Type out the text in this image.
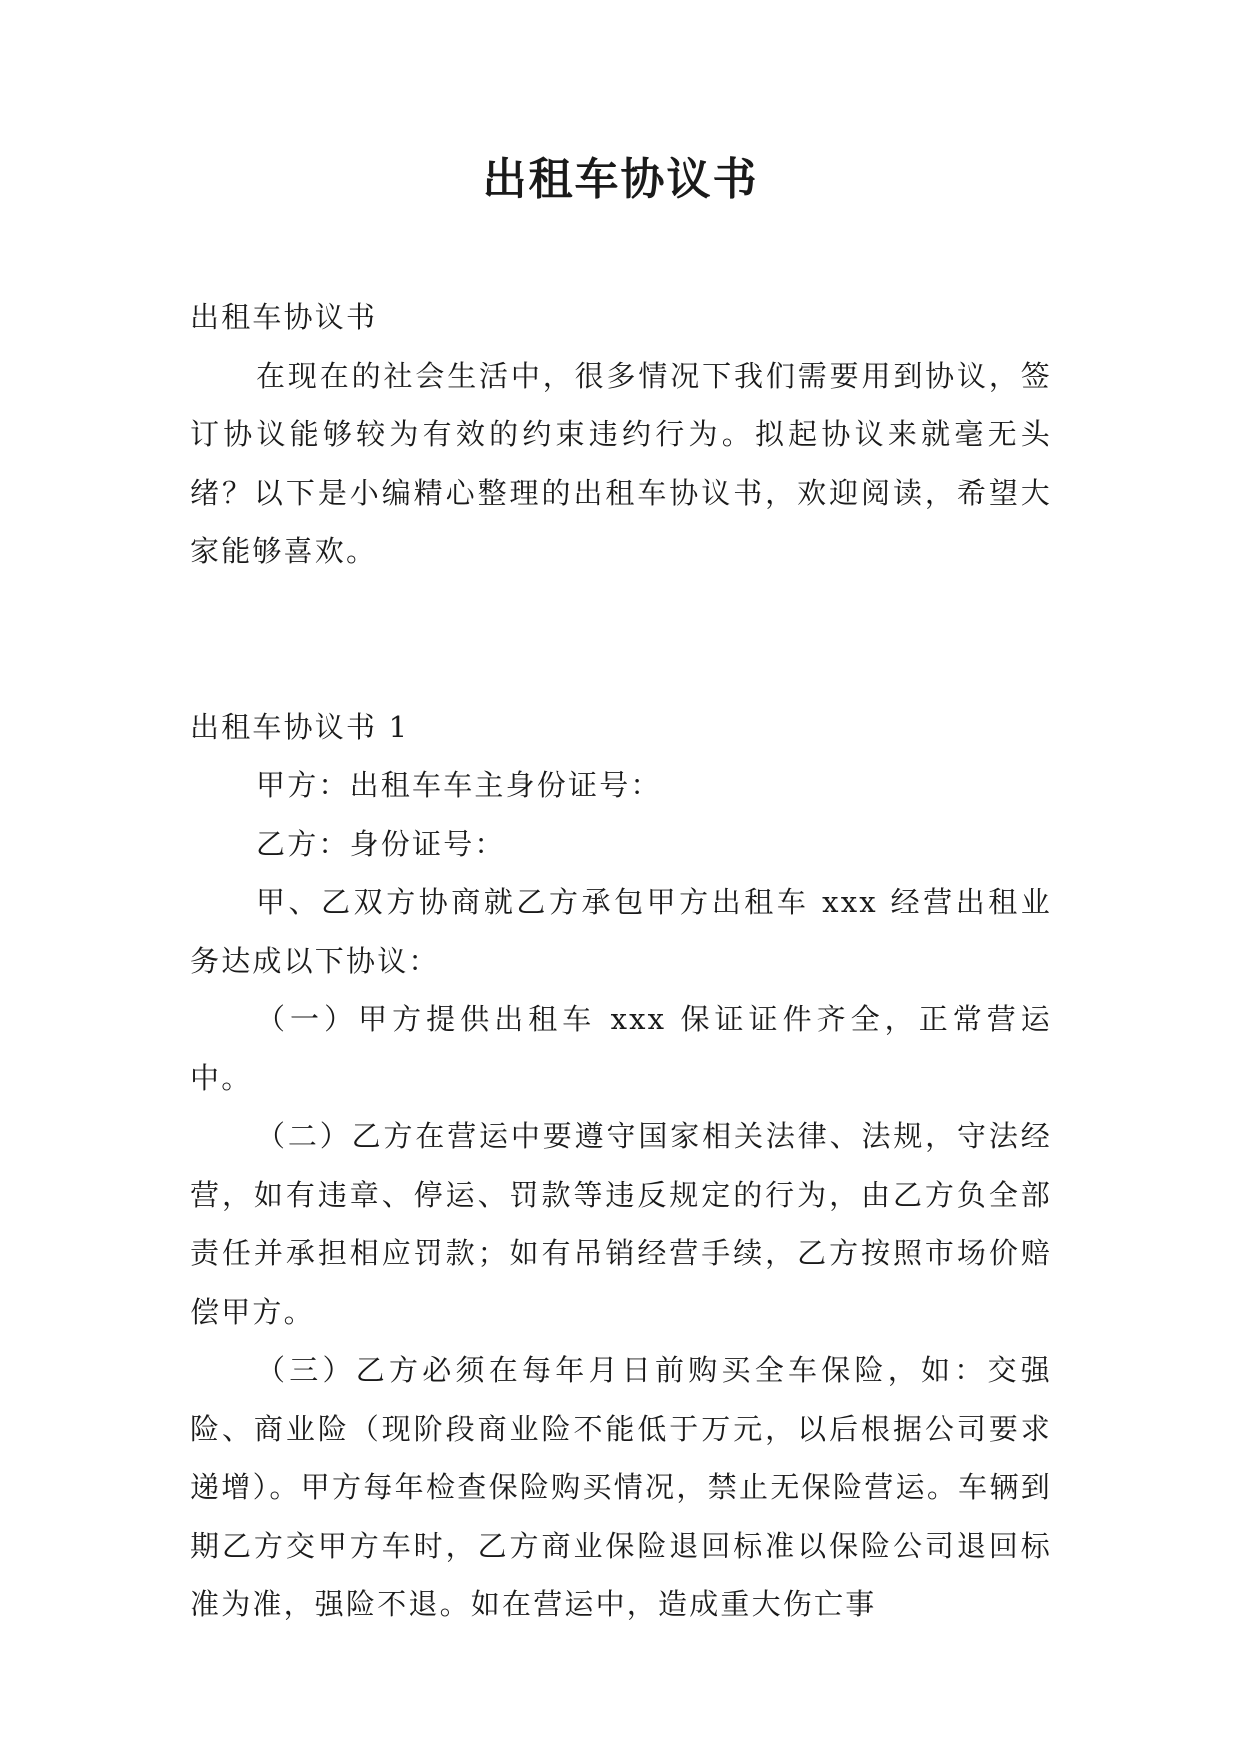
出租车协议书

出租车协议书

在现在的社会生活中，很多情况下我们需要用到协议，签订协议能够较为有效的约束违约行为。拟起协议来就毫无头绪？以下是小编精心整理的出租车协议书，欢迎阅读，希望大家能够喜欢。

出租车协议书 1

甲方：出租车车主身份证号：

乙方：身份证号：

甲、乙双方协商就乙方承包甲方出租车 xxx 经营出租业务达成以下协议：

（一）甲方提供出租车 xxx 保证证件齐全，正常营运中。

（二）乙方在营运中要遵守国家相关法律、法规，守法经营，如有违章、停运、罚款等违反规定的行为，由乙方负全部责任并承担相应罚款；如有吊销经营手续，乙方按照市场价赔偿甲方。

（三）乙方必须在每年月日前购买全车保险，如：交强险、商业险（现阶段商业险不能低于万元，以后根据公司要求递增）。甲方每年检查保险购买情况，禁止无保险营运。车辆到期乙方交甲方车时，乙方商业保险退回标准以保险公司退回标准为准，强险不退。如在营运中，造成重大伤亡事
